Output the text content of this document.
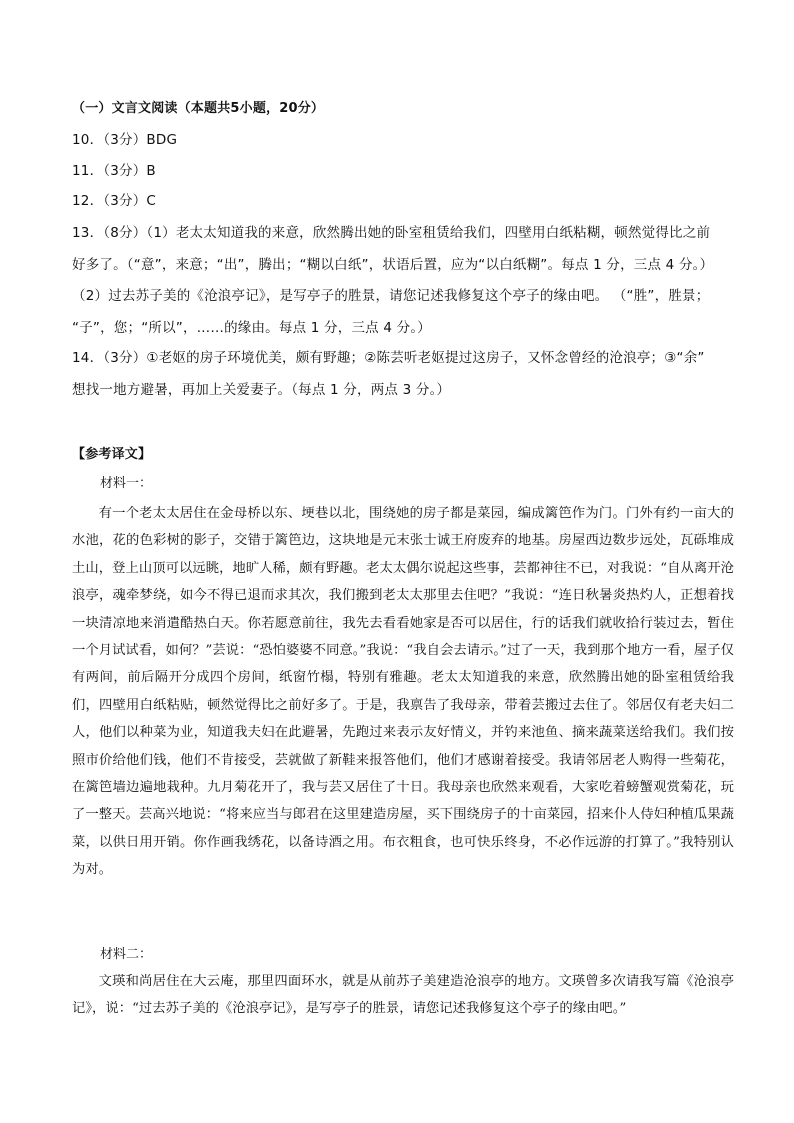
（一）文言文阅读（本题共5小题，20分）
10．（3分）BDG
11．（3分）B
12．（3分）C
13．（8分）（1）老太太知道我的来意，欣然腾出她的卧室租赁给我们，四壁用白纸粘糊，顿然觉得比之前
好多了。（“意”，来意；“出”，腾出；“糊以白纸”，状语后置，应为“以白纸糊”。每点 1 分，三点 4 分。）
（2）过去苏子美的《沧浪亭记》，是写亭子的胜景，请您记述我修复这个亭子的缘由吧。 （“胜”，胜景；
“子”，您；“所以”，……的缘由。每点 1 分，三点 4 分。）
14．（3分）①老妪的房子环境优美，颇有野趣；②陈芸听老妪提过这房子，又怀念曾经的沧浪亭；③“余”
想找一地方避暑，再加上关爱妻子。（每点 1 分，两点 3 分。）
【参考译文】
材料一：

有一个老太太居住在金母桥以东、埂巷以北，围绕她的房子都是菜园，编成篱笆作为门。门外有约一亩大的水池，花的色彩树的影子，交错于篱笆边，这块地是元末张士诚王府废弃的地基。房屋西边数步远处，瓦砾堆成土山，登上山顶可以远眺，地旷人稀，颇有野趣。老太太偶尔说起这些事，芸都神往不已，对我说：“自从离开沧浪亭，魂牵梦绕，如今不得已退而求其次，我们搬到老太太那里去住吧？”我说：“连日秋暑炎热灼人，正想着找一块清凉地来消遣酷热白天。你若愿意前往，我先去看看她家是否可以居住，行的话我们就收拾行装过去，暂住一个月试试看，如何？”芸说：“恐怕婆婆不同意。”我说：“我自会去请示。”过了一天，我到那个地方一看，屋子仅有两间，前后隔开分成四个房间，纸窗竹榻，特别有雅趣。老太太知道我的来意，欣然腾出她的卧室租赁给我们，四壁用白纸粘贴，顿然觉得比之前好多了。于是，我禀告了我母亲，带着芸搬过去住了。邻居仅有老夫妇二人，他们以种菜为业，知道我夫妇在此避暑，先跑过来表示友好情义，并钓来池鱼、摘来蔬菜送给我们。我们按照市价给他们钱，他们不肯接受，芸就做了新鞋来报答他们，他们才感谢着接受。我请邻居老人购得一些菊花，在篱笆墙边遍地栽种。九月菊花开了，我与芸又居住了十日。我母亲也欣然来观看，大家吃着螃蟹观赏菊花，玩了一整天。芸高兴地说：“将来应当与郎君在这里建造房屋，买下围绕房子的十亩菜园，招来仆人侍妇种植瓜果蔬菜，以供日用开销。你作画我绣花，以备诗酒之用。布衣粗食，也可快乐终身，不必作远游的打算了。”我特别认为对。

材料二：

文瑛和尚居住在大云庵，那里四面环水，就是从前苏子美建造沧浪亭的地方。文瑛曾多次请我写篇《沧浪亭记》，说：“过去苏子美的《沧浪亭记》，是写亭子的胜景，请您记述我修复这个亭子的缘由吧。”
